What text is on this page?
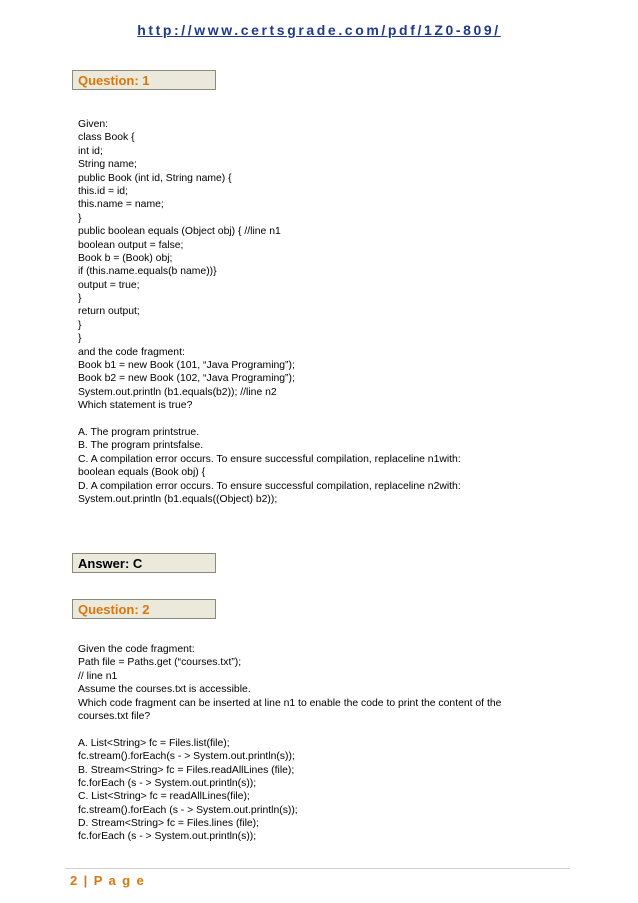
http://www.certsgrade.com/pdf/1Z0-809/
Question: 1
Given:
class Book {
int id;
String name;
public Book (int id, String name) {
this.id = id;
this.name = name;
}
public boolean equals (Object obj) { //line n1
boolean output = false;
Book b = (Book) obj;
if (this.name.equals(b name))}
output = true;
}
return output;
}
}
and the code fragment:
Book b1 = new Book (101, “Java Programing”);
Book b2 = new Book (102, “Java Programing”);
System.out.println (b1.equals(b2)); //line n2
Which statement is true?
A. The program printstrue.
B. The program printsfalse.
C. A compilation error occurs. To ensure successful compilation, replaceline n1with:
boolean equals (Book obj) {
D. A compilation error occurs. To ensure successful compilation, replaceline n2with:
System.out.println (b1.equals((Object) b2));
Answer: C
Question: 2
Given the code fragment:
Path file = Paths.get (“courses.txt”);
// line n1
Assume the courses.txt is accessible.
Which code fragment can be inserted at line n1 to enable the code to print the content of the
courses.txt file?
A. List<String> fc = Files.list(file);
fc.stream().forEach(s - > System.out.println(s));
B. Stream<String> fc = Files.readAllLines (file);
fc.forEach (s - > System.out.println(s));
C. List<String> fc = readAllLines(file);
fc.stream().forEach (s - > System.out.println(s));
D. Stream<String> fc = Files.lines (file);
fc.forEach (s - > System.out.println(s));
2 | P a g e
